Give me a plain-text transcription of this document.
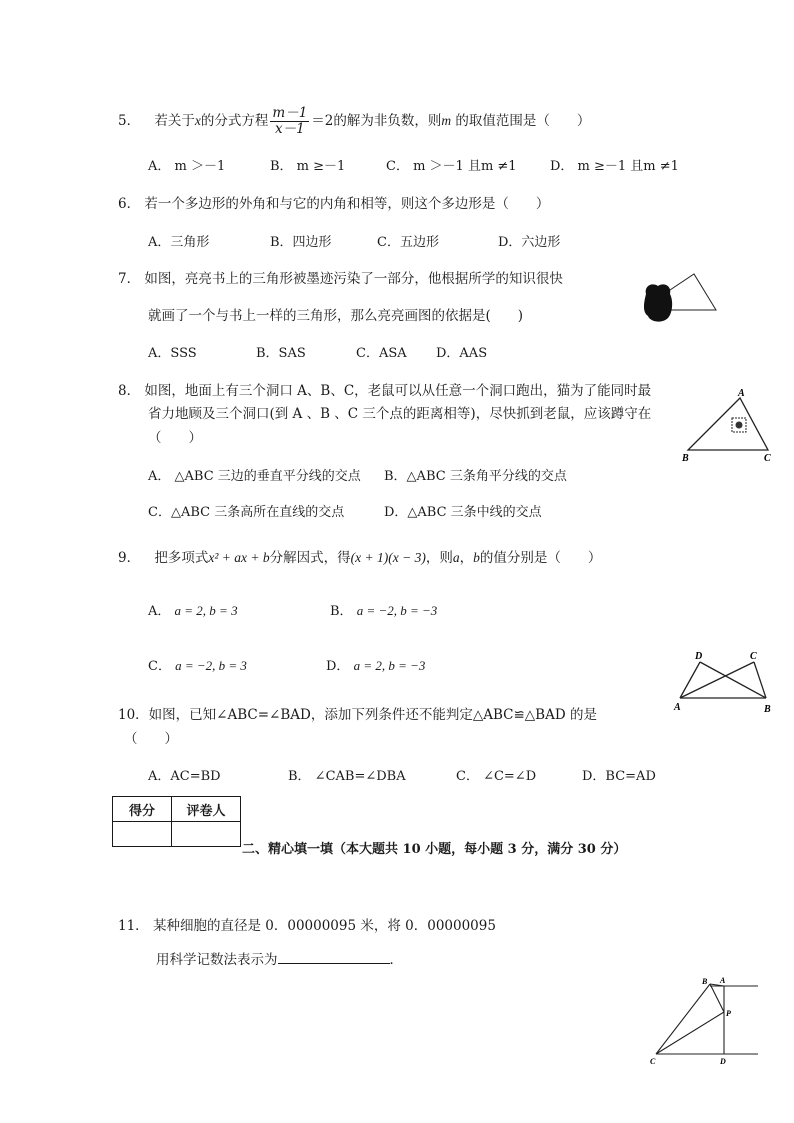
5． 若关于x的分式方程 $\frac{m-1}{x-1} =2$的解为非负数，则m 的取值范围是（　　）
A． m ＞－1	B． m ≥－1	C． m ＞－1 且m ≠1	D． m ≥－1 且m ≠1
6． 若一个多边形的外角和与它的内角和相等，则这个多边形是（　　）
A．三角形	B．四边形	C．五边形	D．六边形
7． 如图，亮亮书上的三角形被墨迹污染了一部分，他根据所学的知识很快
就画了一个与书上一样的三角形，那么亮亮画图的依据是(　　)
A．SSS	B．SAS	C．ASA D．AAS
8． 如图，地面上有三个洞口 A、B、C，老鼠可以从任意一个洞口跑出，猫为了能同时最
省力地顾及三个洞口(到 A 、B 、C 三个点的距离相等)，尽快抓到老鼠，应该蹲守在
（　　）
A． △ABC 三边的垂直平分线的交点 B．△ABC 三条角平分线的交点
C．△ABC 三条高所在直线的交点	D．△ABC 三条中线的交点
A
B	C
9． 把多项式x² + ax + b分解因式，得(x + 1)(x − 3)，则a，b的值分别是（　　）
A． a = 2, b = 3	B． a = −2, b = −3
C． a = −2, b = 3	D． a = 2, b = −3
A	B
C
D
10．如图，已知∠ABC=∠BAD，添加下列条件还不能判定△ABC≌△BAD 的是
（　　）
A．AC=BD	B． ∠CAB=∠DBA	C． ∠C=∠D	D．BC=AD
得分	评卷人

二、精心填一填（本大题共 10 小题，每小题 3 分，满分 30 分）
11． 某种细胞的直径是 0．00000095 米，将 0．00000095
用科学记数法表示为	．
B A
P
C	D
